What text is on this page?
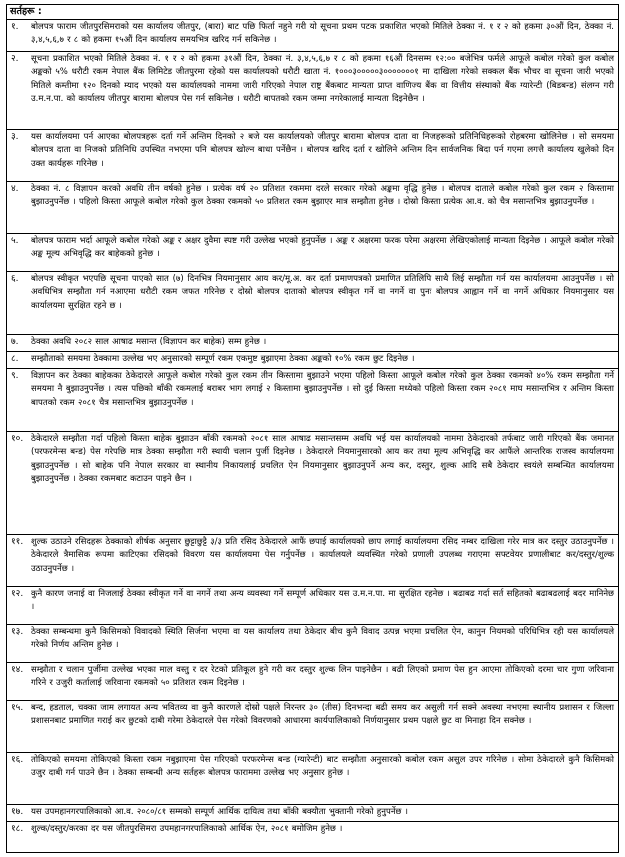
सर्तहरू :
१.	बोलपत्र फाराम जीतपुरसिमराको यस कार्यालय जीतपुर, (बारा) बाट पछि फिर्ता नहुने गरी यो सूचना प्रथम पटक प्रकाशित भएको मितिले ठेक्का नं. १ र २ को हकमा ३०औं दिन, ठेक्का नं. ३,४,५,६,७ र ८ को हकमा १५औं दिन कार्यालय समयभित्र खरिद गर्न सकिनेछ ।
२.	सूचना प्रकाशित भएको मितिले ठेक्का नं. १ र २ को हकमा ३१औं दिन, ठेक्का नं. ३,४,५,६,७ र ८ को हकमा १६औं दिनसम्म १२:०० बजेभित्र फर्मले आफूले कबोल गरेको कुल कबोल अङ्कको ५% धरौटी रकम नेपाल बैंक लिमिटेड जीतपुरमा रहेको यस कार्यालयको धरौटी खाता नं. १०००३०००००३०००००००१ मा दाखिला गरेको सक्कल बैंक भौचर वा सूचना जारी भएको मितिले कम्तीमा १२० दिनको म्याद भएको यस कार्यालयको नाममा जारी गरिएको नेपाल राष्ट्र बैंकबाट मान्यता प्राप्त वाणिज्य बैंक वा वित्तीय संस्थाको बैंक ग्यारेन्टी (बिडबन्ड) संलग्न गरी उ.म.न.पा. को कार्यालय जीतपुर बारामा बोलपत्र पेस गर्न सकिनेछ । धरौटी बापतको रकम जम्मा नगरेकालाई मान्यता दिइनेछैन ।
३.	यस कार्यालयमा पर्न आएका बोलपत्रहरू दर्ता गर्ने अन्तिम दिनको २ बजे यस कार्यालयको जीतपुर बारामा बोलपत्र दाता वा निजहरूको प्रतिनिधिहरूको रोहबरमा खोलिनेछ । सो समयमा बोलपत्र दाता वा निजको प्रतिनिधि उपस्थित नभएमा पनि बोलपत्र खोल्न बाधा पर्नेछैन । बोलपत्र खरिद दर्ता र खोलिने अन्तिम दिन सार्वजनिक बिदा पर्न गएमा लगत्तै कार्यालय खुलेको दिन उक्त कार्यहरू गरिनेछ ।
४.	ठेक्का नं. ८ विज्ञापन करको अवधि तीन वर्षको हुनेछ । प्रत्येक वर्ष २० प्रतिशत रकममा दरले सरकार गरेको अङ्कमा वृद्धि हुनेछ । बोलपत्र दाताले कबोल गरेको कुल रकम २ किस्तामा बुझाउनुपर्नेछ । पहिलो किस्ता आफूले कबोल गरेको कुल ठेक्का रकमको ५० प्रतिशत रकम बुझाएर मात्र सम्झौता हुनेछ । दोस्रो किस्ता प्रत्येक आ.व. को चैत्र मसान्तभित्र बुझाउनुपर्नेछ ।
५.	बोलपत्र फाराम भर्दा आफूले कबोल गरेको अङ्क र अक्षर दुवैमा स्पष्ट गरी उल्लेख भएको हुनुपर्नेछ । अङ्क र अक्षरमा फरक परेमा अक्षरमा लेखिएकोलाई मान्यता दिइनेछ । आफूले कबोल गरेको अङ्क मूल्य अभिवृद्धि कर बाहेकको हुनेछ ।
६.	बोलपत्र स्वीकृत भएपछि सूचना पाएको सात (७) दिनभित्र नियमानुसार आय कर/मू.अ. कर दर्ता प्रमाणपत्रको प्रमाणित प्रतिलिपि साथै लिई सम्झौता गर्न यस कार्यालयमा आउनुपर्नेछ । सो अवधिभित्र सम्झौता गर्न नआएमा धरौटी रकम जफत गरिनेछ र दोस्रो बोलपत्र दाताको बोलपत्र स्वीकृत गर्ने वा नगर्ने वा पुनः बोलपत्र आह्वान गर्ने वा नगर्ने अधिकार नियमानुसार यस कार्यालयमा सुरक्षित रहने छ ।
७.	ठेक्का अवधि २०८२ साल आषाढ मसान्त (विज्ञापन कर बाहेक) सम्म हुनेछ ।
८.	सम्झौताको समयमा ठेक्कामा उल्लेख भए अनुसारको सम्पूर्ण रकम एकमुष्ट बुझाएमा ठेक्का अङ्कको १०% रकम छुट दिइनेछ ।
९.	विज्ञापन कर ठेक्का बाहेकका ठेकेदारले आफूले कबोल गरेको कुल रकम तीन किस्तामा बुझाउने भएमा पहिलो किस्ता आफूले कबोल गरेको कुल ठेक्का रकमको ४०% रकम सम्झौता गर्ने समयमा नै बुझाउनुपर्नेछ । त्यस पछिको बाँकी रकमलाई बराबर भाग लगाई २ किस्तामा बुझाउनुपर्नेछ । सो दुई किस्ता मध्येको पहिलो किस्ता रकम २०८१ माघ मसान्तभित्र र अन्तिम किस्ता बापतको रकम २०८१ चैत्र मसान्तभित्र बुझाउनुपर्नेछ ।
१०. ठेकेदारले सम्झौता गर्दा पहिलो किस्ता बाहेक बुझाउन बाँकी रकमको २०८१ साल आषाढ मसान्तसम्म अवधि भई यस कार्यालयको नाममा ठेकेदारको तर्फबाट जारी गरिएको बैंक जमानत (परफरमेन्स बन्ड) पेस गरेपछि मात्र ठेक्का सम्झौता गरी स्थायी चलान पुर्जी दिइनेछ । ठेकेदारले नियमानुसारको आय कर तथा मूल्य अभिवृद्धि कर आफैंले आन्तरिक राजस्व कार्यालयमा बुझाउनुपर्नेछ । सो बाहेक पनि नेपाल सरकार वा स्थानीय निकायलाई प्रचलित ऐन नियमानुसार बुझाउनुपर्ने अन्य कर, दस्तुर, शुल्क आदि सबै ठेकेदार स्वयंले सम्बन्धित कार्यालयमा बुझाउनुपर्नेछ । ठेक्का रकमबाट कटाउन पाइने छैन ।
११. शुल्क उठाउने रसिदहरू ठेक्काको शीर्षक अनुसार छुट्टाछुट्टै ३/३ प्रति रसिद ठेकेदारले आफैं छपाई कार्यालयको छाप लगाई कार्यालयमा रसिद नम्बर दाखिला गरेर मात्र कर दस्तुर उठाउनुपर्नेछ । ठेकेदारले त्रैमासिक रूपमा काटिएका रसिदको विवरण यस कार्यालयमा पेस गर्नुपर्नेछ । कार्यालयले व्यवस्थित गरेको प्रणाली उपलब्ध गराएमा सफ्टवेयर प्रणालीबाट कर/दस्तुर/शुल्क उठाउनुपर्नेछ ।
१२. कुनै कारण जनाई वा निजलाई ठेक्का स्वीकृत गर्ने वा नगर्ने तथा अन्य व्यवस्था गर्ने सम्पूर्ण अधिकार यस उ.म.न.पा. मा सुरक्षित रहनेछ । बढाबढ गर्दा सर्त सहितको बढाबढलाई बदर मानिनेछ ।
१३. ठेक्का सम्बन्धमा कुनै किसिमको विवादको स्थिति सिर्जना भएमा वा यस कार्यालय तथा ठेकेदार बीच कुनै विवाद उत्पन्न भएमा प्रचलित ऐन, कानुन नियमको परिधिभित्र रही यस कार्यालयले गरेको निर्णय अन्तिम हुनेछ ।
१४. सम्झौता र चलान पुर्जीमा उल्लेख भएका माल वस्तु र दर रेटको प्रतिकूल हुने गरी कर दस्तुर शुल्क लिन पाइनेछैन । बढी लिएको प्रमाण पेस हुन आएमा तोकिएको दरमा चार गुणा जरिवाना गरिने र उजुरी कर्तालाई जरिवाना रकमको ५० प्रतिशत रकम दिइनेछ ।
१५. बन्द, हडताल, चक्का जाम लगायत अन्य भवितव्य वा कुनै कारणले दोस्रो पक्षले निरन्तर ३० (तीस) दिनभन्दा बढी समय कर असुली गर्न सक्ने अवस्था नभएमा स्थानीय प्रशासन र जिल्ला प्रशासनबाट प्रमाणित गराई कर छुटको दाबी गरेमा ठेकेदारले पेस गरेको विवरणको आधारमा कार्यपालिकाको निर्णयानुसार प्रथम पक्षले छुट वा मिनाहा दिन सक्नेछ ।
१६. तोकिएको समयमा तोकिएको किस्ता रकम नबुझाएमा पेस गरिएको परफरमेन्स बन्ड (ग्यारेन्टी) बाट सम्झौता अनुसारको कबोल रकम असुल उपर गरिनेछ । सोमा ठेकेदारले कुनै किसिमको उजुर दाबी गर्न पाउने छैन । ठेक्का सम्बन्धी अन्य सर्तहरू बोलपत्र फाराममा उल्लेख भए अनुसार हुनेछ ।
१७. यस उपमहानगरपालिकाको आ.व. २०८०/८१ सम्मको सम्पूर्ण आर्थिक दायित्व तथा बाँकी बक्यौता भुक्तानी गरेको हुनुपर्नेछ ।
१८. शुल्क/दस्तुर/करका दर यस जीतपुरसिमरा उपमहानगरपालिकाको आर्थिक ऐन, २०८१ बमोजिम हुनेछ ।
